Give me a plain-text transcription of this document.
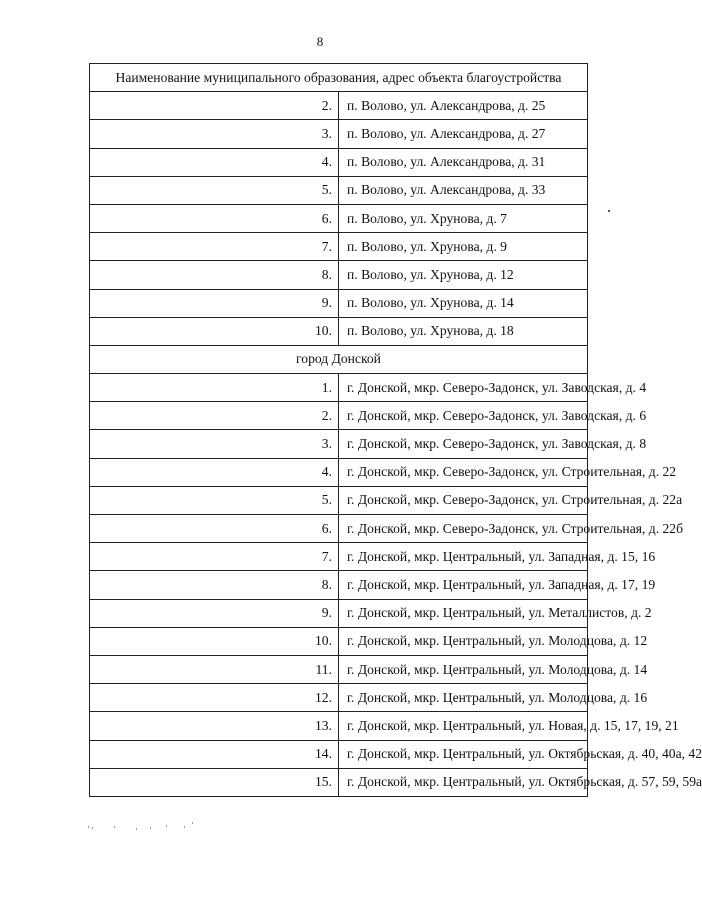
8
Наименование муниципального образования, адрес объекта благоустройства	
2.	п. Волово, ул. Александрова, д. 25
3.	п. Волово, ул. Александрова, д. 27
4.	п. Волово, ул. Александрова, д. 31
5.	п. Волово, ул. Александрова, д. 33
6.	п. Волово, ул. Хрунова, д. 7
7.	п. Волово, ул. Хрунова, д. 9
8.	п. Волово, ул. Хрунова, д. 12
9.	п. Волово, ул. Хрунова, д. 14
10.	п. Волово, ул. Хрунова, д. 18
город Донской	
1.	г. Донской, мкр. Северо-Задонск, ул. Заводская, д. 4
2.	г. Донской, мкр. Северо-Задонск, ул. Заводская, д. 6
3.	г. Донской, мкр. Северо-Задонск, ул. Заводская, д. 8
4.	г. Донской, мкр. Северо-Задонск, ул. Строительная, д. 22
5.	г. Донской, мкр. Северо-Задонск, ул. Строительная, д. 22а
6.	г. Донской, мкр. Северо-Задонск, ул. Строительная, д. 22б
7.	г. Донской, мкр. Центральный, ул. Западная, д. 15, 16
8.	г. Донской, мкр. Центральный, ул. Западная, д. 17, 19
9.	г. Донской, мкр. Центральный, ул. Металлистов, д. 2
10.	г. Донской, мкр. Центральный, ул. Молодцова, д. 12
11.	г. Донской, мкр. Центральный, ул. Молодцова, д. 14
12.	г. Донской, мкр. Центральный, ул. Молодцова, д. 16
13.	г. Донской, мкр. Центральный, ул. Новая, д. 15, 17, 19, 21
14.	г. Донской, мкр. Центральный, ул. Октябрьская, д. 40, 40а, 42
15.	г. Донской, мкр. Центральный, ул. Октябрьская, д. 57, 59, 59а
